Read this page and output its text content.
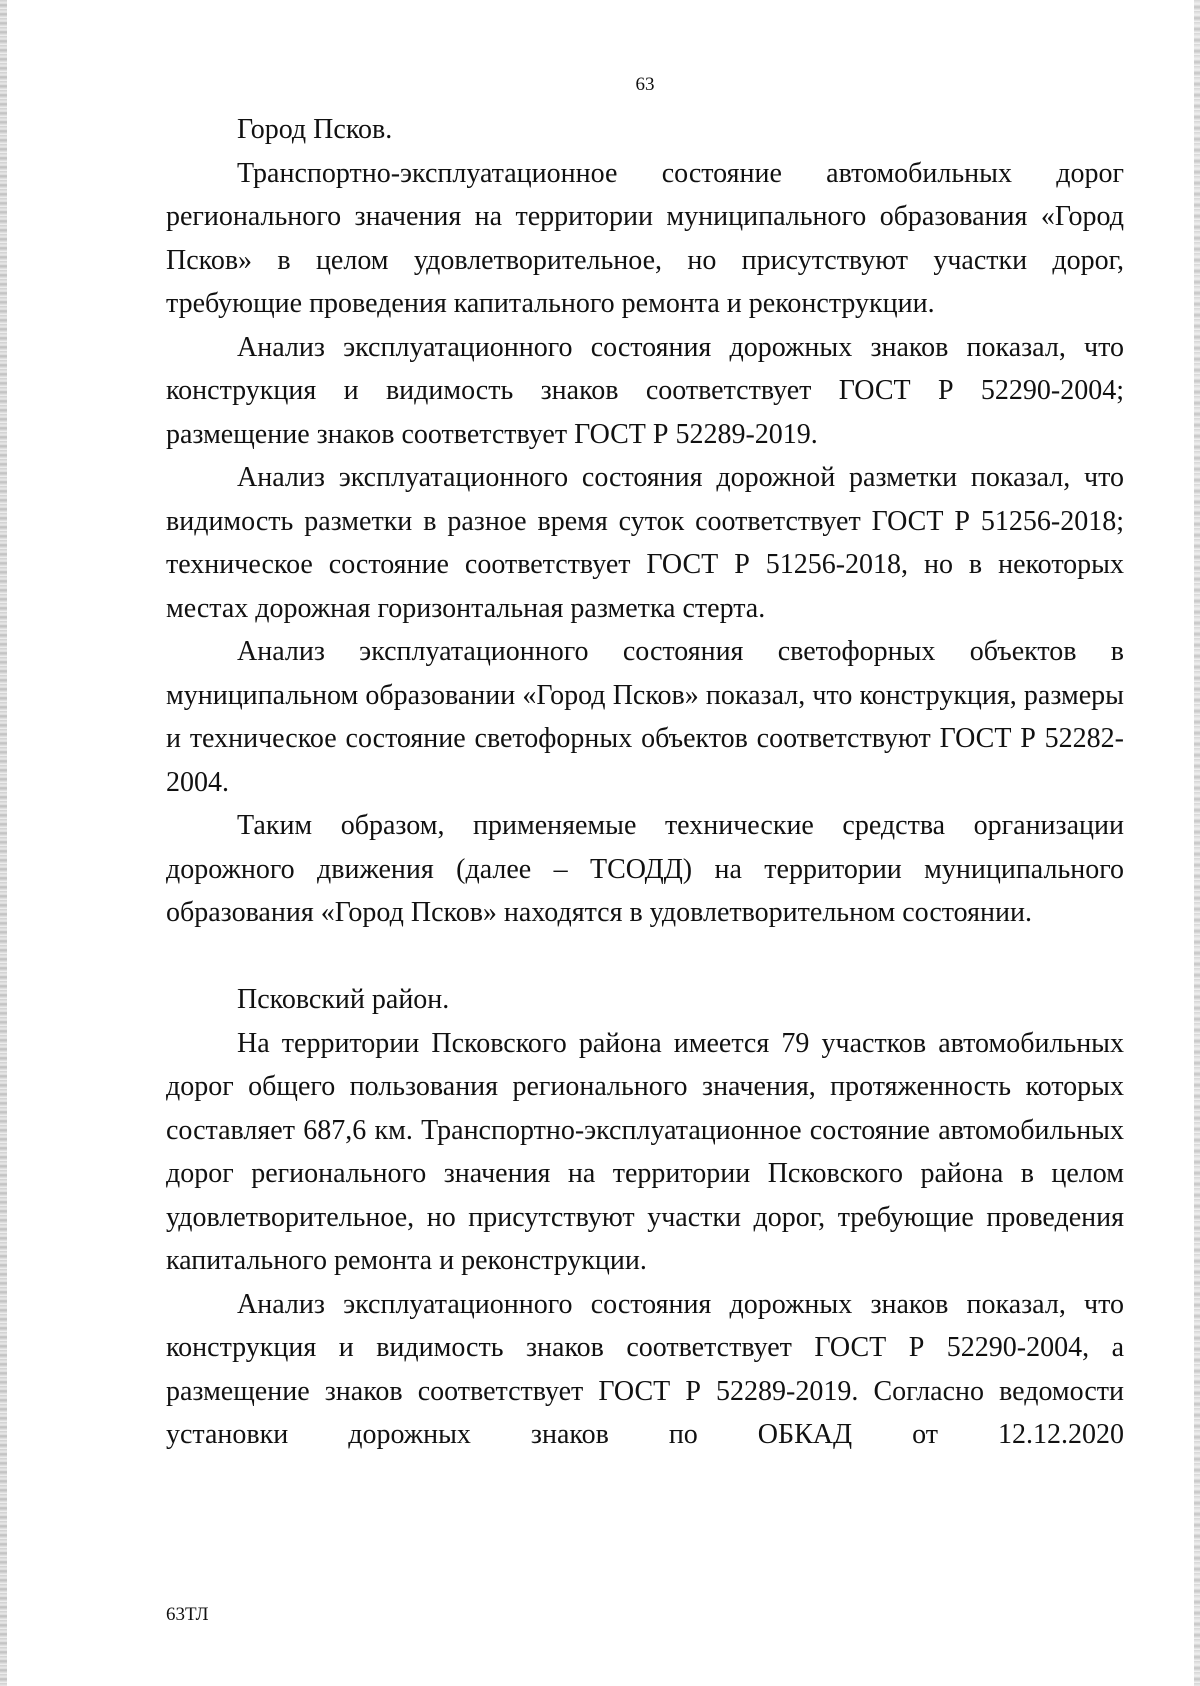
63

Город Псков.

Транспортно-эксплуатационное состояние автомобильных дорог регионального значения на территории муниципального образования «Город Псков» в целом удовлетворительное, но присутствуют участки дорог, требующие проведения капитального ремонта и реконструкции.

Анализ эксплуатационного состояния дорожных знаков показал, что конструкция и видимость знаков соответствует ГОСТ Р 52290-2004; размещение знаков соответствует ГОСТ Р 52289-2019.

Анализ эксплуатационного состояния дорожной разметки показал, что видимость разметки в разное время суток соответствует ГОСТ Р 51256-2018; техническое состояние соответствует ГОСТ Р 51256-2018, но в некоторых местах дорожная горизонтальная разметка стерта.

Анализ эксплуатационного состояния светофорных объектов в муниципальном образовании «Город Псков» показал, что конструкция, размеры и техническое состояние светофорных объектов соответствуют ГОСТ Р 52282-2004.

Таким образом, применяемые технические средства организации дорожного движения (далее – ТСОДД) на территории муниципального образования «Город Псков» находятся в удовлетворительном состоянии.

Псковский район.

На территории Псковского района имеется 79 участков автомобильных дорог общего пользования регионального значения, протяженность которых составляет 687,6 км. Транспортно-эксплуатационное состояние автомобильных дорог регионального значения на территории Псковского района в целом удовлетворительное, но присутствуют участки дорог, требующие проведения капитального ремонта и реконструкции.

Анализ эксплуатационного состояния дорожных знаков показал, что конструкция и видимость знаков соответствует ГОСТ Р 52290-2004, а размещение знаков соответствует ГОСТ Р 52289-2019. Согласно ведомости установки дорожных знаков по ОБКАД от 12.12.2020

63ТЛ
